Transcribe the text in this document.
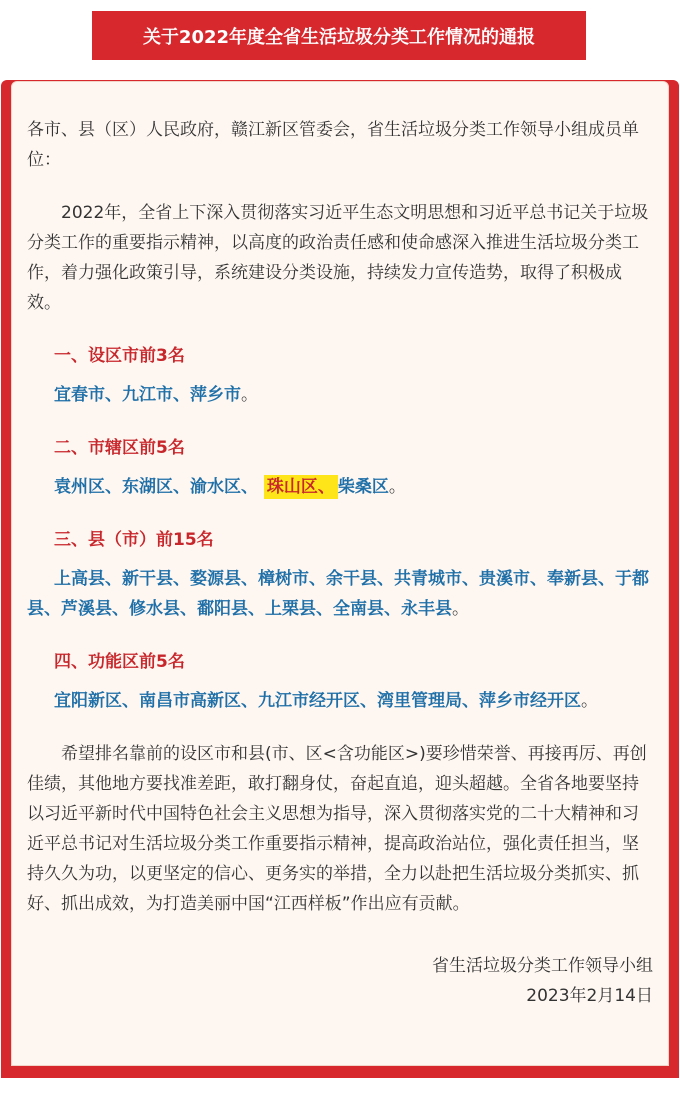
关于2022年度全省生活垃圾分类工作情况的通报

各市、县（区）人民政府，赣江新区管委会，省生活垃圾分类工作领导小组成员单位：

2022年，全省上下深入贯彻落实习近平生态文明思想和习近平总书记关于垃圾分类工作的重要指示精神，以高度的政治责任感和使命感深入推进生活垃圾分类工作，着力强化政策引导，系统建设分类设施，持续发力宣传造势，取得了积极成效。

一、设区市前3名

宜春市、九江市、萍乡市。

二、市辖区前5名

袁州区、东湖区、渝水区、 珠山区、 柴桑区。

三、县（市）前15名

上高县、新干县、婺源县、樟树市、余干县、共青城市、贵溪市、奉新县、于都县、芦溪县、修水县、鄱阳县、上栗县、全南县、永丰县。

四、功能区前5名

宜阳新区、南昌市高新区、九江市经开区、湾里管理局、萍乡市经开区。

希望排名靠前的设区市和县(市、区<含功能区>)要珍惜荣誉、再接再厉、再创佳绩，其他地方要找准差距，敢打翻身仗，奋起直追，迎头超越。全省各地要坚持以习近平新时代中国特色社会主义思想为指导，深入贯彻落实党的二十大精神和习近平总书记对生活垃圾分类工作重要指示精神，提高政治站位，强化责任担当，坚持久久为功，以更坚定的信心、更务实的举措，全力以赴把生活垃圾分类抓实、抓好、抓出成效，为打造美丽中国“江西样板”作出应有贡献。

省生活垃圾分类工作领导小组

2023年2月14日
